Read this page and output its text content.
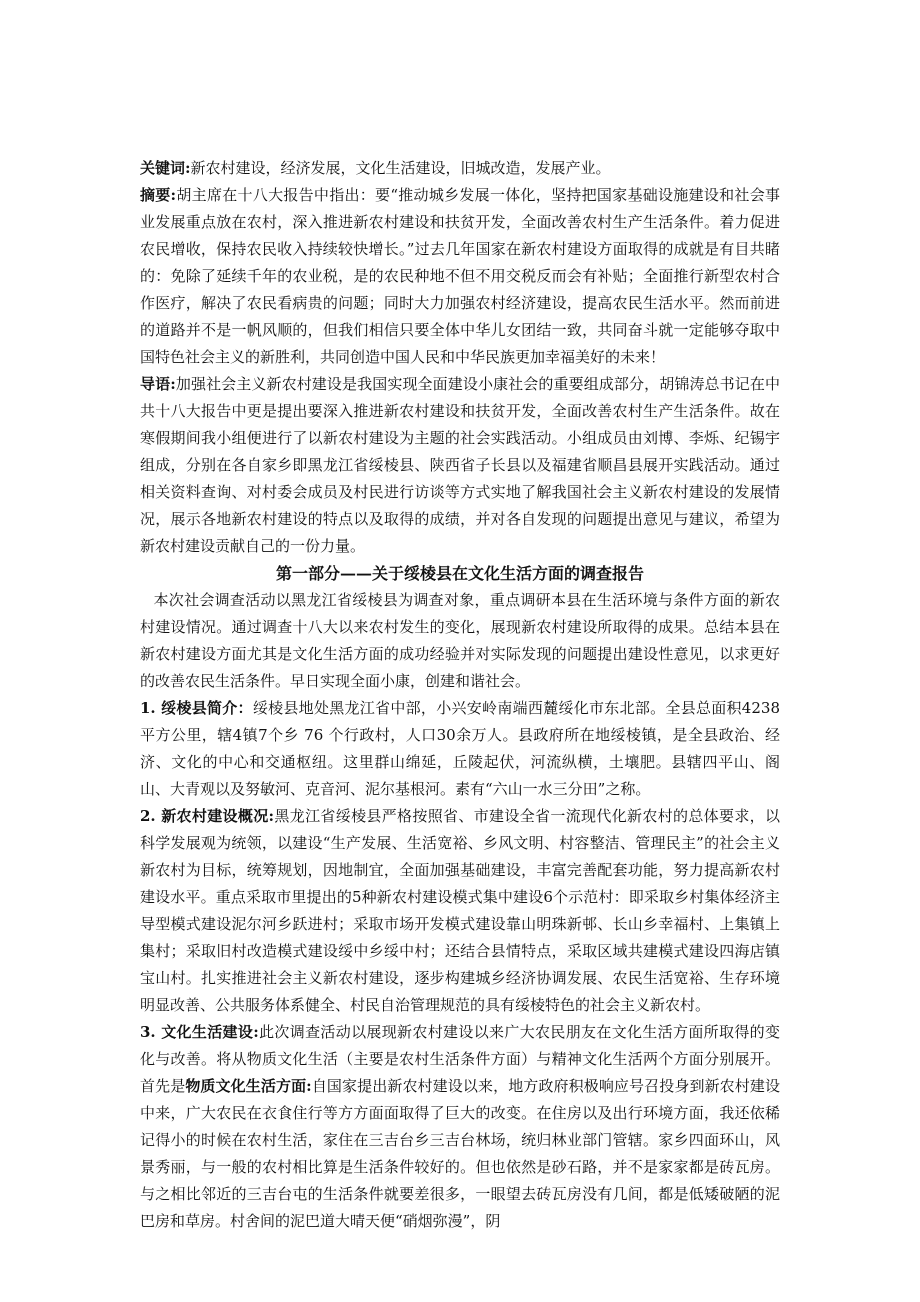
关键词:新农村建设，经济发展，文化生活建设，旧城改造，发展产业。

摘要:胡主席在十八大报告中指出：要“推动城乡发展一体化，坚持把国家基础设施建设和社会事业发展重点放在农村，深入推进新农村建设和扶贫开发，全面改善农村生产生活条件。着力促进农民增收，保持农民收入持续较快增长。”过去几年国家在新农村建设方面取得的成就是有目共睹的：免除了延续千年的农业税，是的农民种地不但不用交税反而会有补贴；全面推行新型农村合作医疗，解决了农民看病贵的问题；同时大力加强农村经济建设，提高农民生活水平。然而前进的道路并不是一帆风顺的，但我们相信只要全体中华儿女团结一致，共同奋斗就一定能够夺取中国特色社会主义的新胜利，共同创造中国人民和中华民族更加幸福美好的未来！

导语:加强社会主义新农村建设是我国实现全面建设小康社会的重要组成部分，胡锦涛总书记在中共十八大报告中更是提出要深入推进新农村建设和扶贫开发，全面改善农村生产生活条件。故在寒假期间我小组便进行了以新农村建设为主题的社会实践活动。小组成员由刘博、李烁、纪锡宇组成，分别在各自家乡即黑龙江省绥棱县、陕西省子长县以及福建省顺昌县展开实践活动。通过相关资料查询、对村委会成员及村民进行访谈等方式实地了解我国社会主义新农村建设的发展情况，展示各地新农村建设的特点以及取得的成绩，并对各自发现的问题提出意见与建议，希望为新农村建设贡献自己的一份力量。

第一部分——关于绥棱县在文化生活方面的调查报告

本次社会调查活动以黑龙江省绥棱县为调查对象，重点调研本县在生活环境与条件方面的新农村建设情况。通过调查十八大以来农村发生的变化，展现新农村建设所取得的成果。总结本县在新农村建设方面尤其是文化生活方面的成功经验并对实际发现的问题提出建设性意见，以求更好的改善农民生活条件。早日实现全面小康，创建和谐社会。

1. 绥棱县简介：绥棱县地处黑龙江省中部，小兴安岭南端西麓绥化市东北部。全县总面积4238平方公里，辖4镇7个乡 76 个行政村，人口30余万人。县政府所在地绥棱镇，是全县政治、经济、文化的中心和交通枢纽。这里群山绵延，丘陵起伏，河流纵横，土壤肥。县辖四平山、阁山、大青观以及努敏河、克音河、泥尔基根河。素有“六山一水三分田”之称。

2. 新农村建设概况:黑龙江省绥棱县严格按照省、市建设全省一流现代化新农村的总体要求，以科学发展观为统领，以建设“生产发展、生活宽裕、乡风文明、村容整洁、管理民主”的社会主义新农村为目标，统筹规划，因地制宜，全面加强基础建设，丰富完善配套功能，努力提高新农村建设水平。重点采取市里提出的5种新农村建设模式集中建设6个示范村：即采取乡村集体经济主导型模式建设泥尔河乡跃进村；采取市场开发模式建设靠山明珠新邨、长山乡幸福村、上集镇上集村；采取旧村改造模式建设绥中乡绥中村；还结合县情特点，采取区域共建模式建设四海店镇宝山村。扎实推进社会主义新农村建设，逐步构建城乡经济协调发展、农民生活宽裕、生存环境明显改善、公共服务体系健全、村民自治管理规范的具有绥棱特色的社会主义新农村。

3. 文化生活建设:此次调查活动以展现新农村建设以来广大农民朋友在文化生活方面所取得的变化与改善。将从物质文化生活（主要是农村生活条件方面）与精神文化生活两个方面分别展开。首先是物质文化生活方面:自国家提出新农村建设以来，地方政府积极响应号召投身到新农村建设中来，广大农民在衣食住行等方方面面取得了巨大的改变。在住房以及出行环境方面，我还依稀记得小的时候在农村生活，家住在三吉台乡三吉台林场，统归林业部门管辖。家乡四面环山，风景秀丽，与一般的农村相比算是生活条件较好的。但也依然是砂石路，并不是家家都是砖瓦房。与之相比邻近的三吉台屯的生活条件就要差很多，一眼望去砖瓦房没有几间，都是低矮破陋的泥巴房和草房。村舍间的泥巴道大晴天便“硝烟弥漫”，阴
